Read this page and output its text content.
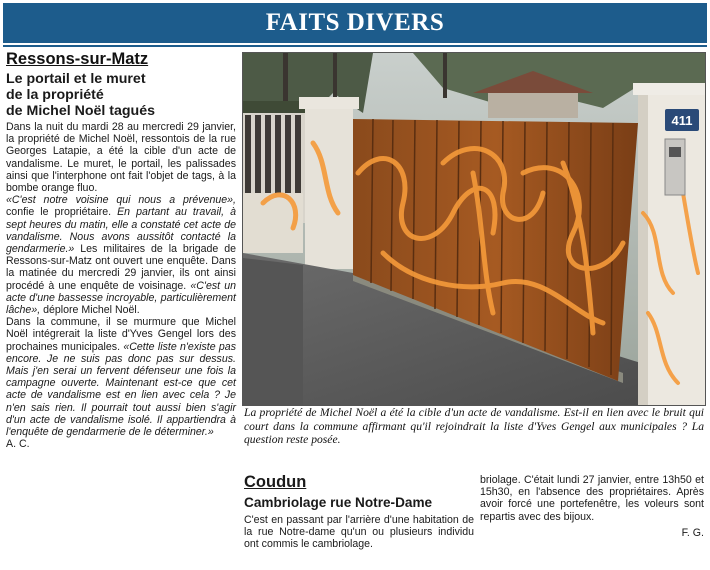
FAITS DIVERS
Ressons-sur-Matz
Le portail et le muret
de la propriété
de Michel Noël tagués

Dans la nuit du mardi 28 au mercredi 29 janvier, la propriété de Michel Noël, ressontois de la rue Georges Latapie, a été la cible d'un acte de vandalisme. Le muret, le portail, les palissades ainsi que l'interphone ont fait l'objet de tags, à la bombe orange fluo.

«C'est notre voisine qui nous a prévenue», confie le propriétaire. En partant au travail, à sept heures du matin, elle a constaté cet acte de vandalisme. Nous avons aussitôt contacté la gendarmerie.» Les militaires de la brigade de Ressons-sur-Matz ont ouvert une enquête. Dans la matinée du mercredi 29 janvier, ils ont ainsi procédé à une enquête de voisinage. «C'est un acte d'une bassesse incroyable, particulièrement lâche», déplore Michel Noël.

Dans la commune, il se murmure que Michel Noël intégrerait la liste d'Yves Gengel lors des prochaines municipales. «Cette liste n'existe pas encore. Je ne suis pas donc pas sur dessus. Mais j'en serai un fervent défenseur une fois la campagne ouverte. Maintenant est-ce que cet acte de vandalisme est en lien avec cela ? Je n'en sais rien. Il pourrait tout aussi bien s'agir d'un acte de vandalisme isolé. Il appartiendra à l'enquête de gendarmerie de le déterminer.»

A. C.
411
La propriété de Michel Noël a été la cible d'un acte de vandalisme. Est-il en lien avec le bruit qui court dans la commune affirmant qu'il rejoindrait la liste d'Yves Gengel aux municipales ? La question reste posée.
Coudun
Cambriolage rue Notre-Dame
C'est en passant par l'arrière d'une habitation de la rue Notre-dame qu'un ou plusieurs individu ont commis le cambriolage.
briolage. C'était lundi 27 janvier, entre 13h50 et 15h30, en l'absence des propriétaires. Après avoir forcé une portefenêtre, les voleurs sont repartis avec des bijoux.
F. G.
